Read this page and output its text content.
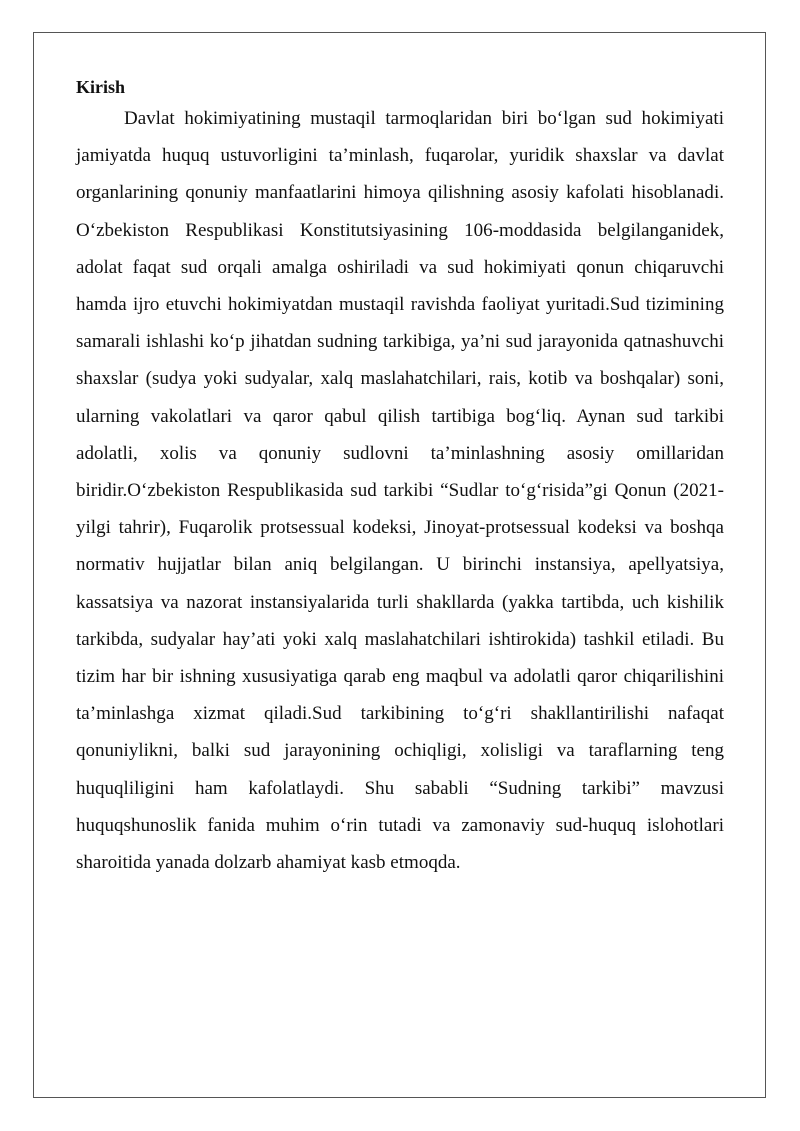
Kirish

Davlat hokimiyatining mustaqil tarmoqlaridan biri bo‘lgan sud hokimiyati jamiyatda huquq ustuvorligini ta’minlash, fuqarolar, yuridik shaxslar va davlat organlarining qonuniy manfaatlarini himoya qilishning asosiy kafolati hisoblanadi. O‘zbekiston Respublikasi Konstitutsiyasining 106-moddasida belgilanganidek, adolat faqat sud orqali amalga oshiriladi va sud hokimiyati qonun chiqaruvchi hamda ijro etuvchi hokimiyatdan mustaqil ravishda faoliyat yuritadi.Sud tizimining samarali ishlashi ko‘p jihatdan sudning tarkibiga, ya’ni sud jarayonida qatnashuvchi shaxslar (sudya yoki sudyalar, xalq maslahatchilari, rais, kotib va boshqalar) soni, ularning vakolatlari va qaror qabul qilish tartibiga bog‘liq. Aynan sud tarkibi adolatli, xolis va qonuniy sudlovni ta’minlashning asosiy omillaridan biridir.O‘zbekiston Respublikasida sud tarkibi “Sudlar to‘g‘risida”gi Qonun (2021-yilgi tahrir), Fuqarolik protsessual kodeksi, Jinoyat-protsessual kodeksi va boshqa normativ hujjatlar bilan aniq belgilangan. U birinchi instansiya, apellyatsiya, kassatsiya va nazorat instansiyalarida turli shakllarda (yakka tartibda, uch kishilik tarkibda, sudyalar hay’ati yoki xalq maslahatchilari ishtirokida) tashkil etiladi. Bu tizim har bir ishning xususiyatiga qarab eng maqbul va adolatli qaror chiqarilishini ta’minlashga xizmat qiladi.Sud tarkibining to‘g‘ri shakllantirilishi nafaqat qonuniylikni, balki sud jarayonining ochiqligi, xolisligi va taraflarning teng huquqliligini ham kafolatlaydi. Shu sababli “Sudning tarkibi” mavzusi huquqshunoslik fanida muhim o‘rin tutadi va zamonaviy sud-huquq islohotlari sharoitida yanada dolzarb ahamiyat kasb etmoqda.
